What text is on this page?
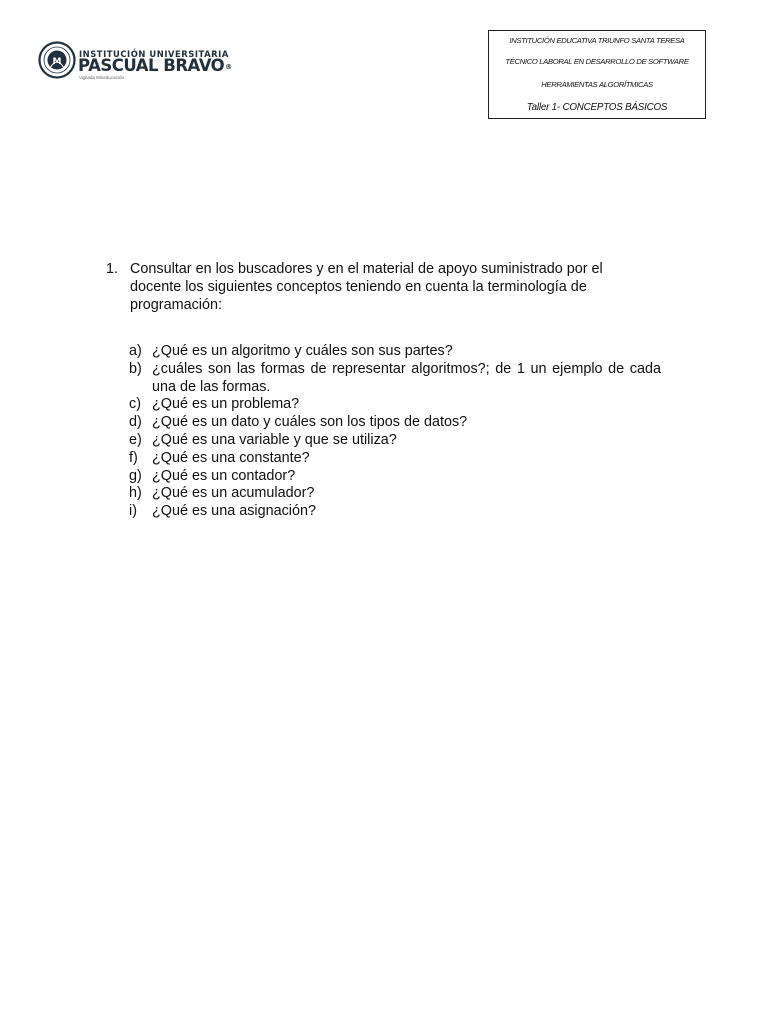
M
INSTITUCIÓN UNIVERSITARIA
PASCUAL BRAVO®
Vigilada Mineducación
INSTITUCIÓN EDUCATIVA TRIUNFO SANTA TERESA
TÉCNICO LABORAL EN DESARROLLO DE SOFTWARE
HERRAMIENTAS ALGORÍTMICAS
Taller 1- CONCEPTOS BÁSICOS
1. Consultar en los buscadores y en el material de apoyo suministrado por el docente los siguientes conceptos teniendo en cuenta la terminología de programación:
a) ¿Qué es un algoritmo y cuáles son sus partes?
b) ¿cuáles son las formas de representar algoritmos?; de 1 un ejemplo de cada una de las formas.
c) ¿Qué es un problema?
d) ¿Qué es un dato y cuáles son los tipos de datos?
e) ¿Qué es una variable y que se utiliza?
f) ¿Qué es una constante?
g) ¿Qué es un contador?
h) ¿Qué es un acumulador?
i) ¿Qué es una asignación?
